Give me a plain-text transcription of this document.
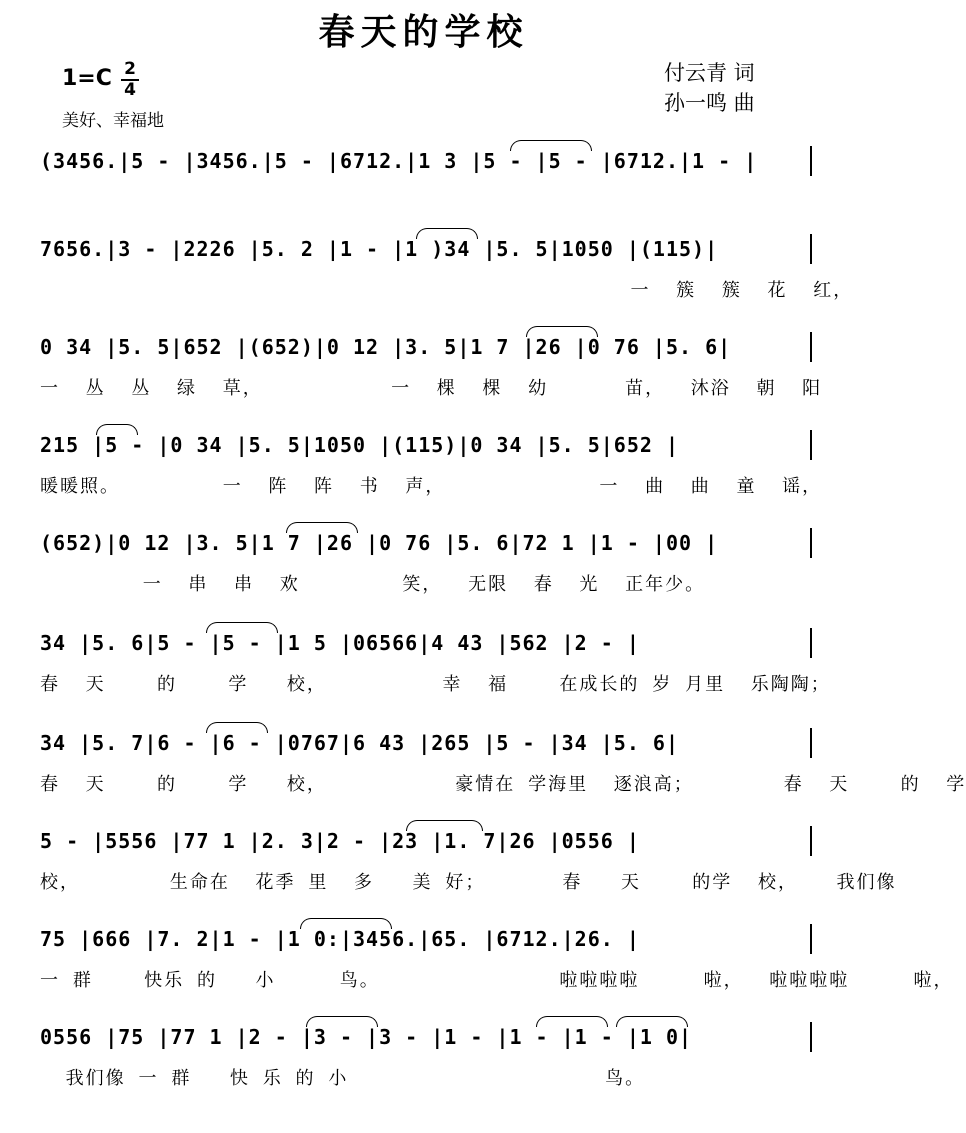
春天的学校
1=C 2
4
美好、幸福地
付云青 词
孙一鸣 曲
(3456.|5 - |3456.|5 - |6712.|1 3 |5 - |5 - |6712.|1 - |
7656.|3 - |2226 |5. 2 |1 - |1 )34 |5. 5|1050 |(115)|
一  簇  簇  花  红，
0 34 |5. 5|652 |(652)|0 12 |3. 5|1 7 |26 |0 76 |5. 6|
一  丛  丛  绿  草，          一  棵  棵  幼      苗，  沐浴  朝  阳
215 |5 - |0 34 |5. 5|1050 |(115)|0 34 |5. 5|652 |
暖暖照。        一  阵  阵  书  声，            一  曲  曲  童  谣，
(652)|0 12 |3. 5|1 7 |26 |0 76 |5. 6|72 1 |1 - |00 |
一  串  串  欢        笑，  无限  春  光  正年少。
34 |5. 6|5 - |5 - |1 5 |06566|4 43 |562 |2 - |
春  天    的    学   校，         幸  福    在成长的 岁 月里  乐陶陶；
34 |5. 7|6 - |6 - |0767|6 43 |265 |5 - |34 |5. 6|
春  天    的    学   校，          豪情在 学海里  逐浪高；       春  天    的  学
5 - |5556 |77 1 |2. 3|2 - |23 |1. 7|26 |0556 |
校，       生命在  花季 里  多   美 好；      春   天    的学  校，   我们像
75 |666 |7. 2|1 - |1 0:|3456.|65. |6712.|26. |
一 群    快乐 的   小     鸟。              啦啦啦啦     啦，  啦啦啦啦     啦，
0556 |75 |77 1 |2 - |3 - |3 - |1 - |1 - |1 - |1 0|
我们像 一 群   快 乐 的 小                    鸟。
